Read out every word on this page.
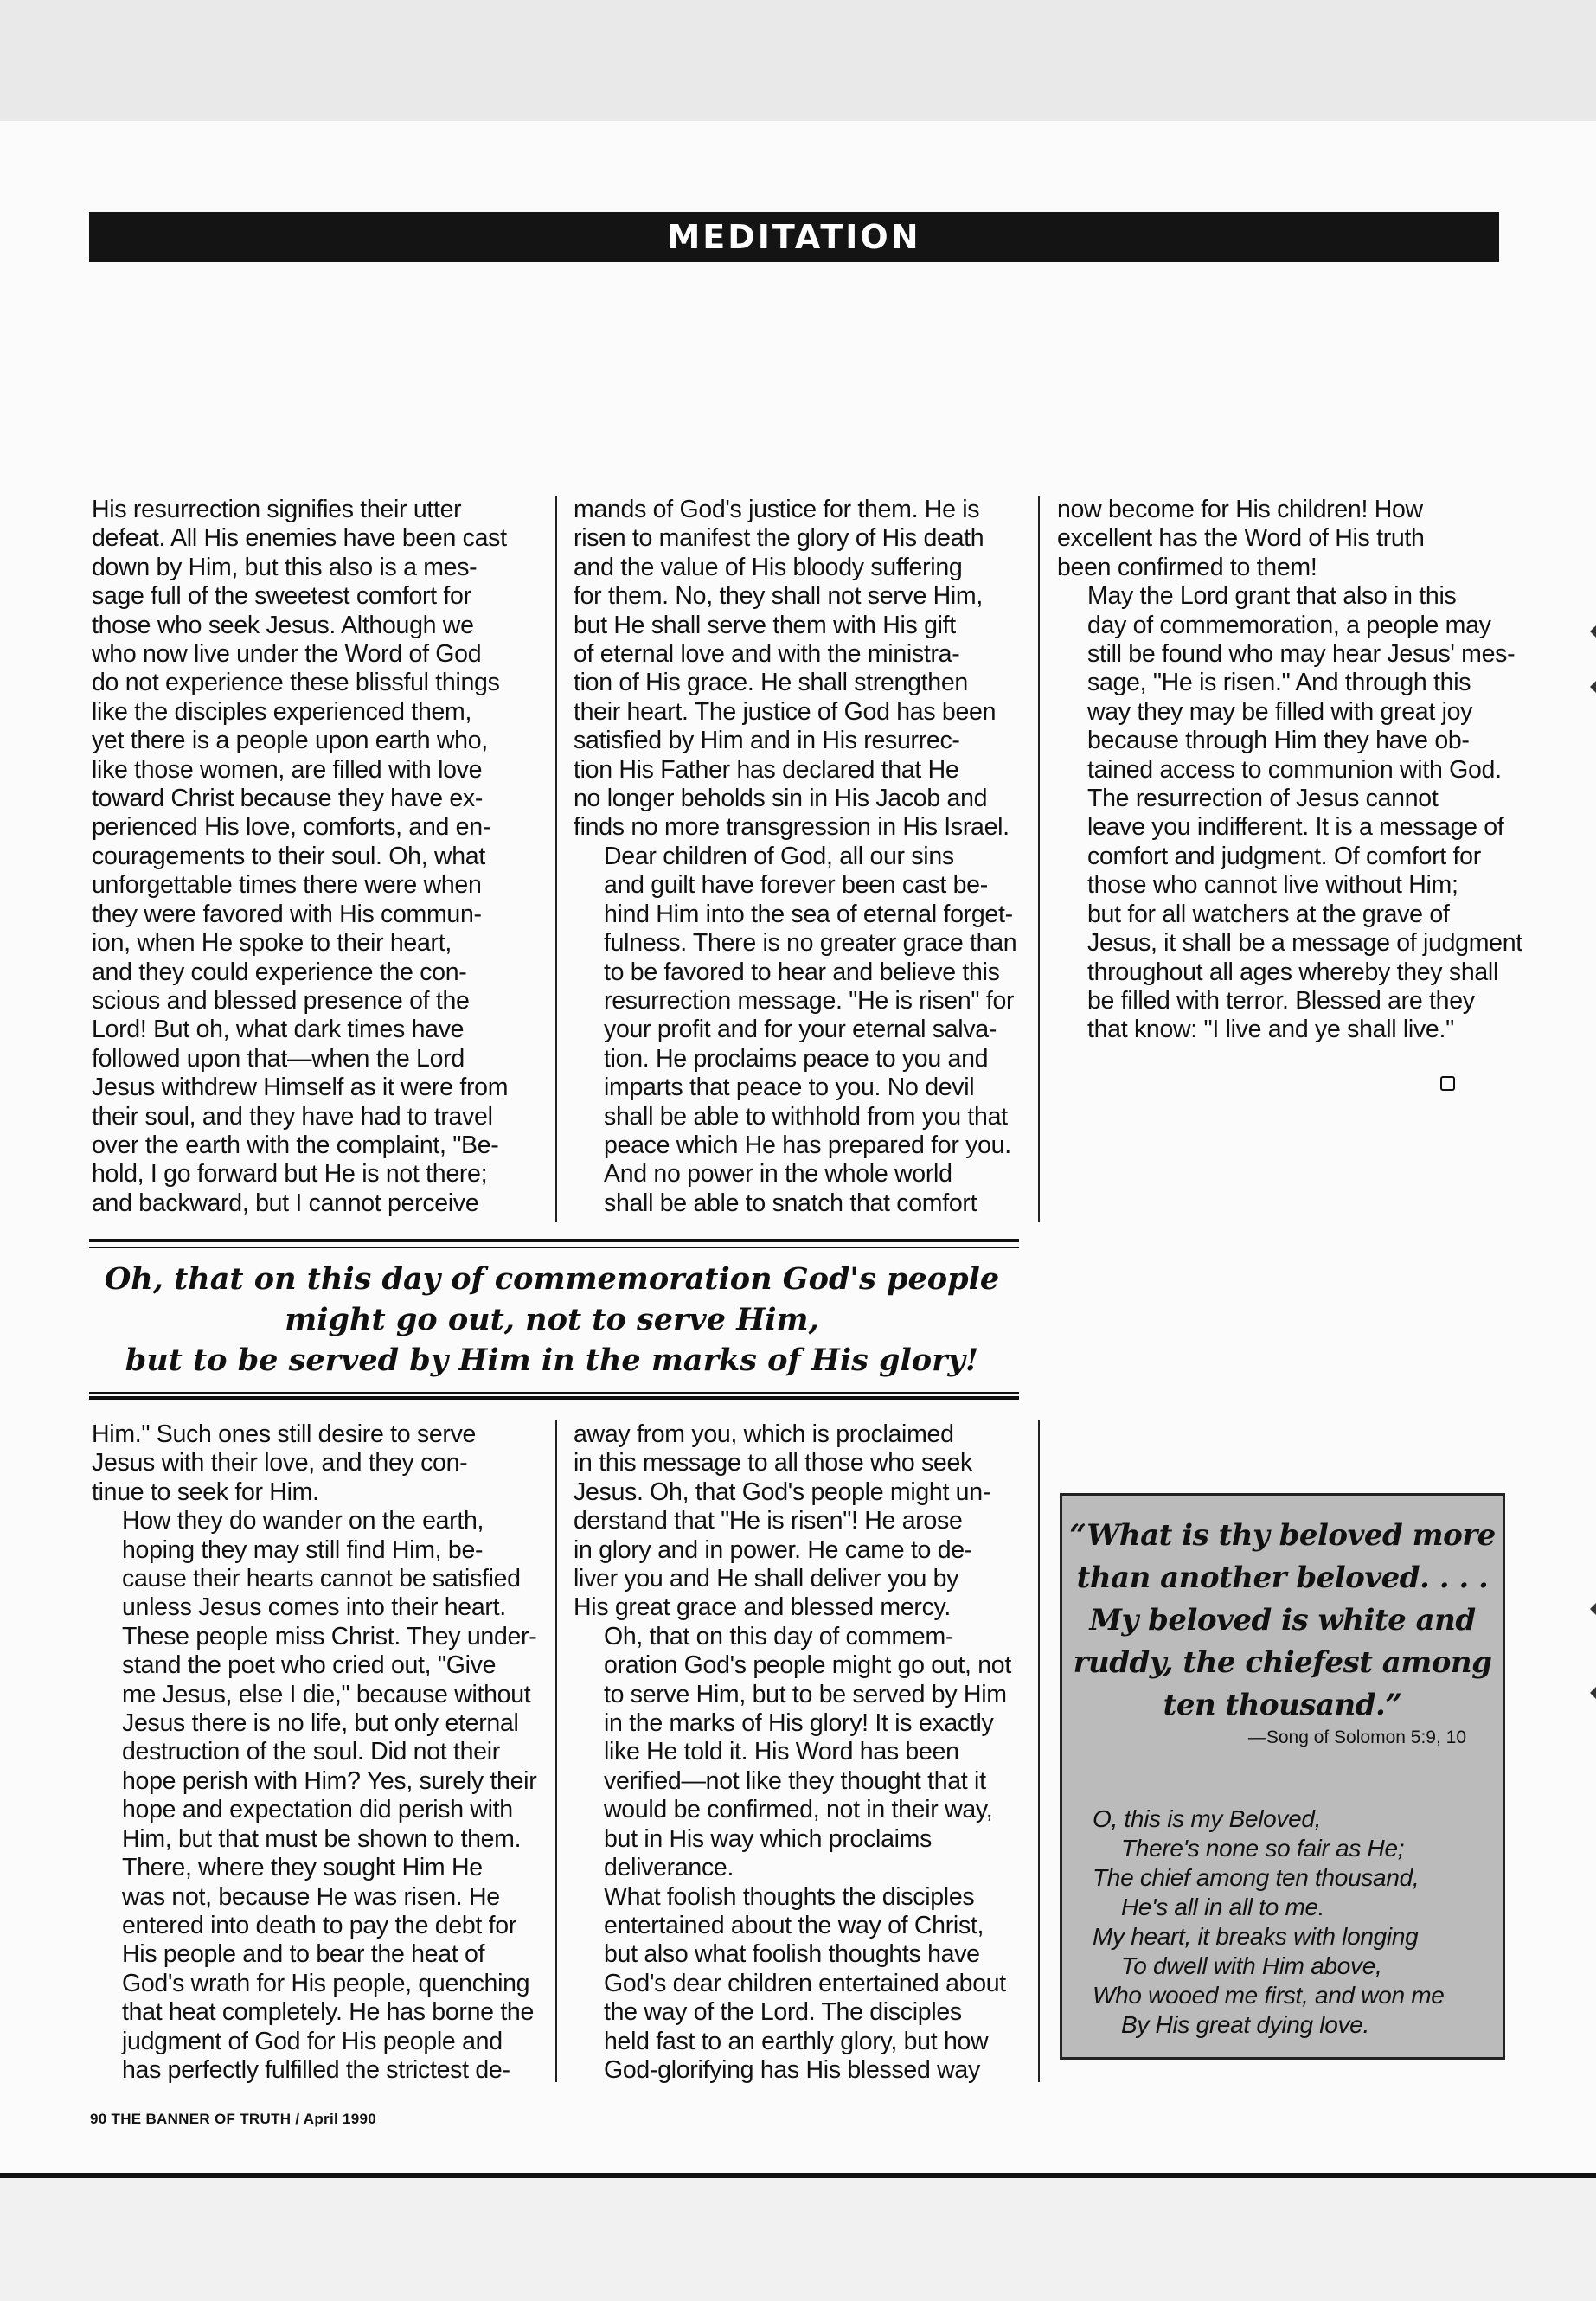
MEDITATION

His resurrection signifies their utter
defeat. All His enemies have been cast
down by Him, but this also is a mes-
sage full of the sweetest comfort for
those who seek Jesus. Although we
who now live under the Word of God
do not experience these blissful things
like the disciples experienced them,
yet there is a people upon earth who,
like those women, are filled with love
toward Christ because they have ex-
perienced His love, comforts, and en-
couragements to their soul. Oh, what
unforgettable times there were when
they were favored with His commun-
ion, when He spoke to their heart,
and they could experience the con-
scious and blessed presence of the
Lord! But oh, what dark times have
followed upon that—when the Lord
Jesus withdrew Himself as it were from
their soul, and they have had to travel
over the earth with the complaint, "Be-
hold, I go forward but He is not there;
and backward, but I cannot perceive

mands of God's justice for them. He is
risen to manifest the glory of His death
and the value of His bloody suffering
for them. No, they shall not serve Him,
but He shall serve them with His gift
of eternal love and with the ministra-
tion of His grace. He shall strengthen
their heart. The justice of God has been
satisfied by Him and in His resurrec-
tion His Father has declared that He
no longer beholds sin in His Jacob and
finds no more transgression in His Israel.

Dear children of God, all our sins
and guilt have forever been cast be-
hind Him into the sea of eternal forget-
fulness. There is no greater grace than
to be favored to hear and believe this
resurrection message. "He is risen" for
your profit and for your eternal salva-
tion. He proclaims peace to you and
imparts that peace to you. No devil
shall be able to withhold from you that
peace which He has prepared for you.
And no power in the whole world
shall be able to snatch that comfort

now become for His children! How
excellent has the Word of His truth
been confirmed to them!

May the Lord grant that also in this
day of commemoration, a people may
still be found who may hear Jesus' mes-
sage, "He is risen." And through this
way they may be filled with great joy
because through Him they have ob-
tained access to communion with God.

The resurrection of Jesus cannot
leave you indifferent. It is a message of
comfort and judgment. Of comfort for
those who cannot live without Him;
but for all watchers at the grave of
Jesus, it shall be a message of judgment
throughout all ages whereby they shall
be filled with terror. Blessed are they
that know: "I live and ye shall live."

Oh, that on this day of commemoration God's people
might go out, not to serve Him,
but to be served by Him in the marks of His glory!

Him." Such ones still desire to serve
Jesus with their love, and they con-
tinue to seek for Him.

How they do wander on the earth,
hoping they may still find Him, be-
cause their hearts cannot be satisfied
unless Jesus comes into their heart.
These people miss Christ. They under-
stand the poet who cried out, "Give
me Jesus, else I die," because without
Jesus there is no life, but only eternal
destruction of the soul. Did not their
hope perish with Him? Yes, surely their
hope and expectation did perish with
Him, but that must be shown to them.

There, where they sought Him He
was not, because He was risen. He
entered into death to pay the debt for
His people and to bear the heat of
God's wrath for His people, quenching
that heat completely. He has borne the
judgment of God for His people and
has perfectly fulfilled the strictest de-

away from you, which is proclaimed
in this message to all those who seek
Jesus. Oh, that God's people might un-
derstand that "He is risen"! He arose
in glory and in power. He came to de-
liver you and He shall deliver you by
His great grace and blessed mercy.

Oh, that on this day of commem-
oration God's people might go out, not
to serve Him, but to be served by Him
in the marks of His glory! It is exactly
like He told it. His Word has been
verified—not like they thought that it
would be confirmed, not in their way,
but in His way which proclaims
deliverance.

What foolish thoughts the disciples
entertained about the way of Christ,
but also what foolish thoughts have
God's dear children entertained about
the way of the Lord. The disciples
held fast to an earthly glory, but how
God-glorifying has His blessed way

“What is thy beloved more
than another beloved. . . .
My beloved is white and
ruddy, the chiefest among
ten thousand.”
—Song of Solomon 5:9, 10
O, this is my Beloved,
There's none so fair as He;
The chief among ten thousand,
He's all in all to me.
My heart, it breaks with longing
To dwell with Him above,
Who wooed me first, and won me
By His great dying love.
90 THE BANNER OF TRUTH / April 1990
